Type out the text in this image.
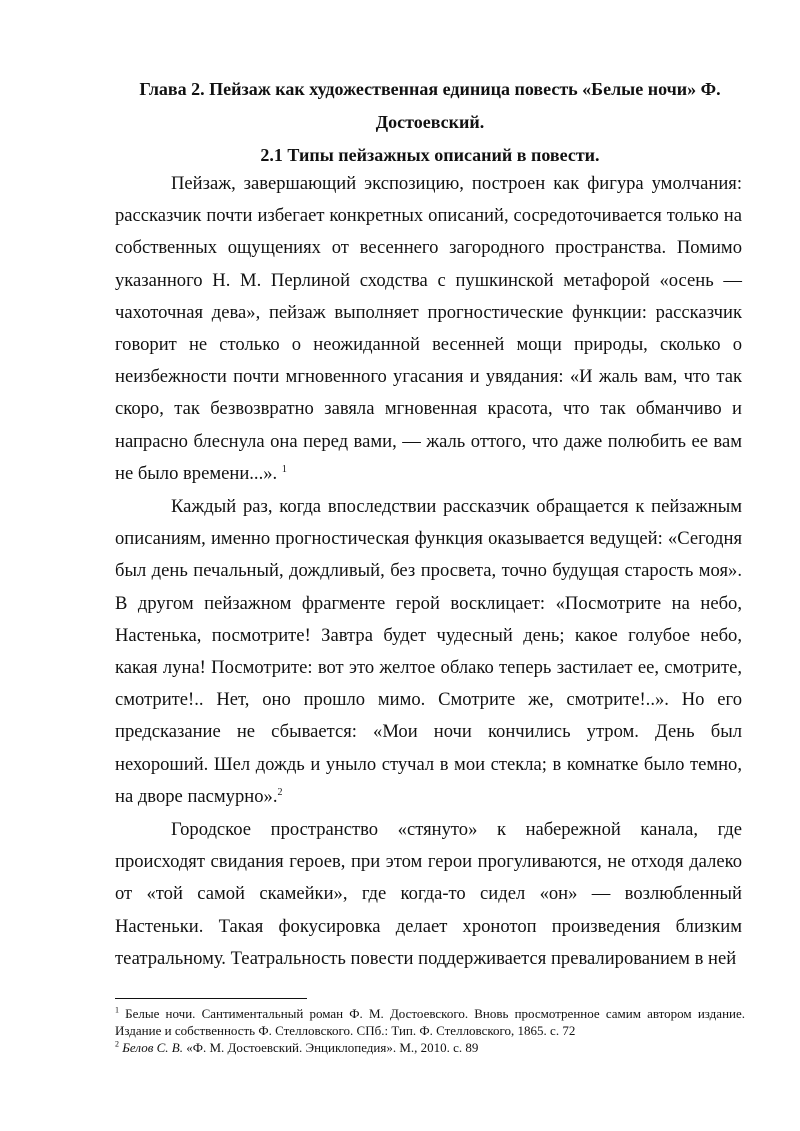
Глава 2. Пейзаж как художественная единица повесть «Белые ночи» Ф.
Достоевский.
2.1 Типы пейзажных описаний в повести.

Пейзаж, завершающий экспозицию, построен как фигура умолчания: рассказчик почти избегает конкретных описаний, сосредоточивается только на собственных ощущениях от весеннего загородного пространства. Помимо указанного Н. М. Перлиной сходства с пушкинской метафорой «осень — чахоточная дева», пейзаж выполняет прогностические функции: рассказчик говорит не столько о неожиданной весенней мощи природы, сколько о неизбежности почти мгновенного угасания и увядания: «И жаль вам, что так скоро, так безвозвратно завяла мгновенная красота, что так обманчиво и напрасно блеснула она перед вами, — жаль оттого, что даже полюбить ее вам не было времени...». $^1$

Каждый раз, когда впоследствии рассказчик обращается к пейзажным описаниям, именно прогностическая функция оказывается ведущей: «Сегодня был день печальный, дождливый, без просвета, точно будущая старость моя». В другом пейзажном фрагменте герой восклицает: «Посмотрите на небо, Настенька, посмотрите! Завтра будет чудесный день; какое голубое небо, какая луна! Посмотрите: вот это желтое облако теперь застилает ее, смотрите, смотрите!.. Нет, оно прошло мимо. Смотрите же, смотрите!..». Но его предсказание не сбывается: «Мои ночи кончились утром. День был нехороший. Шел дождь и уныло стучал в мои стекла; в комнатке было темно, на дворе пасмурно».$^2$

Городское пространство «стянуто» к набережной канала, где происходят свидания героев, при этом герои прогуливаются, не отходя далеко от «той самой скамейки», где когда-то сидел «он» — возлюбленный Настеньки. Такая фокусировка делает хронотоп произведения близким театральному. Театральность повести поддерживается превалированием в ней

$^1$ Белые ночи. Сантиментальный роман Ф. М. Достоевского. Вновь просмотренное самим автором издание. Издание и собственность Ф. Стелловского. СПб.: Тип. Ф. Стелловского, 1865. с. 72

$^2$ Белов С. В. «Ф. М. Достоевский. Энциклопедия». М., 2010. с. 89
